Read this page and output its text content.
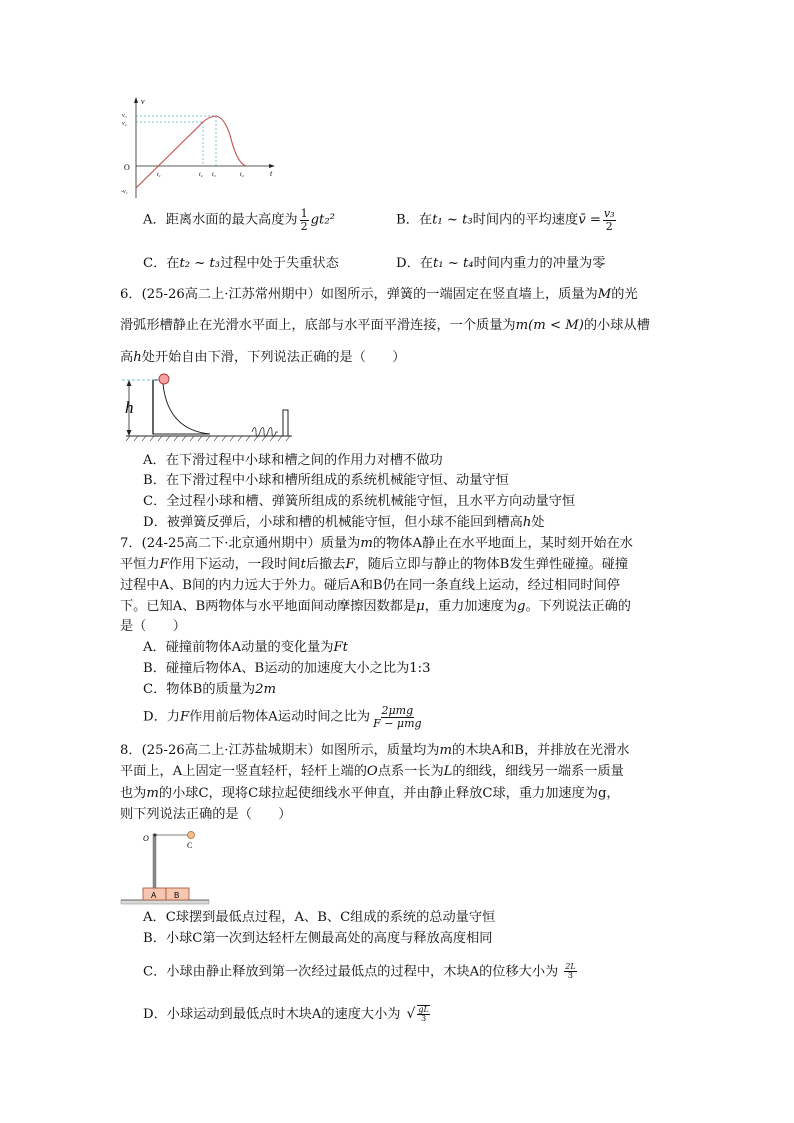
v
t
O
v₃
v₂
-v₁
t₁	t₂ t₃	t₄
A．距离水面的最大高度为 $\frac{1}{2} gt_2^2$	B．在t₁ ~ t₃时间内的平均速度v̄ = $\frac{\text{v₃}}{2}$
C．在t₂ ~ t₃过程中处于失重状态	D．在t₁ ~ t₄时间内重力的冲量为零
6．(25-26高二上·江苏常州期中）如图所示，弹簧的一端固定在竖直墙上，质量为M的光
滑弧形槽静止在光滑水平面上，底部与水平面平滑连接，一个质量为m(m < M)的小球从槽
高h处开始自由下滑，下列说法正确的是（　　）
h
A．在下滑过程中小球和槽之间的作用力对槽不做功
B．在下滑过程中小球和槽所组成的系统机械能守恒、动量守恒
C．全过程小球和槽、弹簧所组成的系统机械能守恒，且水平方向动量守恒
D．被弹簧反弹后，小球和槽的机械能守恒，但小球不能回到槽高h处
7．(24-25高二下·北京通州期中）质量为m的物体A静止在水平地面上，某时刻开始在水
平恒力F作用下运动，一段时间t后撤去F，随后立即与静止的物体B发生弹性碰撞。碰撞
过程中A、B间的内力远大于外力。碰后A和B仍在同一条直线上运动，经过相同时间停
下。已知A、B两物体与水平地面间动摩擦因数都是μ，重力加速度为g。下列说法正确的
是（　　）
A．碰撞前物体A动量的变化量为Ft
B．碰撞后物体A、B运动的加速度大小之比为1:3
C．物体B的质量为2m
D．力F作用前后物体A运动时间之比为 $\frac{\text{2μmg}}{\text{F − μmg}}$
8．(25-26高二上·江苏盐城期末）如图所示，质量均为m的木块A和B，并排放在光滑水
平面上，A上固定一竖直轻杆，轻杆上端的O点系一长为L的细线，细线另一端系一质量
也为m的小球C，现将C球拉起使细线水平伸直，并由静止释放C球，重力加速度为g，
则下列说法正确的是（　　）
A B
O
C
A．C球摆到最低点过程，A、B、C组成的系统的总动量守恒
B．小球C第一次到达轻杆左侧最高处的高度与释放高度相同
C．小球由静止释放到第一次经过最低点的过程中，木块A的位移大小为 $\frac{2L}{3}$
D．小球运动到最低点时木块A的速度大小为 √ $\frac{gL}{3}$
